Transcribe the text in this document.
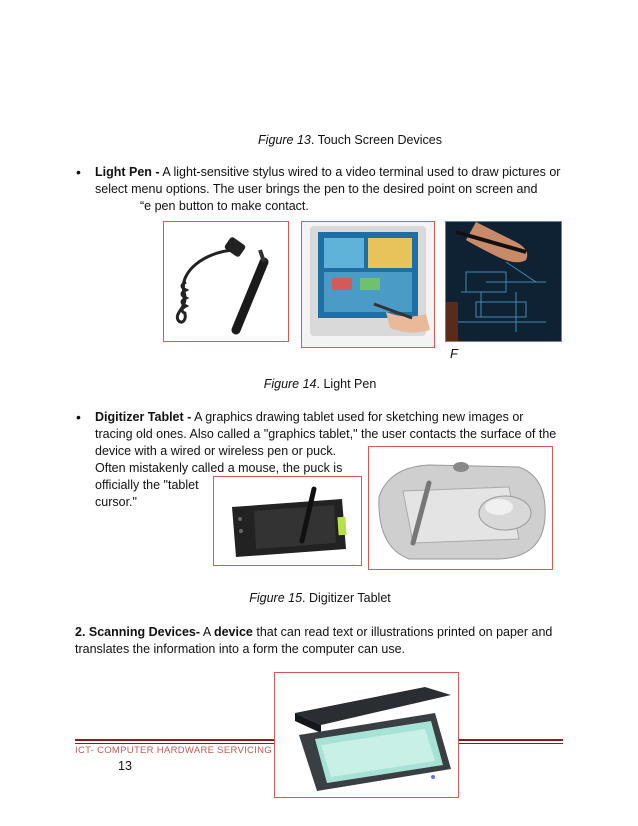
Figure 13. Touch Screen Devices
• Light Pen - A light-sensitive stylus wired to a video terminal used to draw pictures or
select menu options. The user brings the pen to the desired point on screen and
“e pen button to make contact.
F
Figure 14. Light Pen
• Digitizer Tablet - A graphics drawing tablet used for sketching new images or
tracing old ones. Also called a "graphics tablet," the user contacts the surface of the
device with a wired or wireless pen or puck.
Often mistakenly called a mouse, the puck is
officially the "tablet
cursor."
Figure 15. Digitizer Tablet
2. Scanning Devices- A device that can read text or illustrations printed on paper and
translates the information into a form the computer can use.
ICT- COMPUTER HARDWARE SERVICING
13
